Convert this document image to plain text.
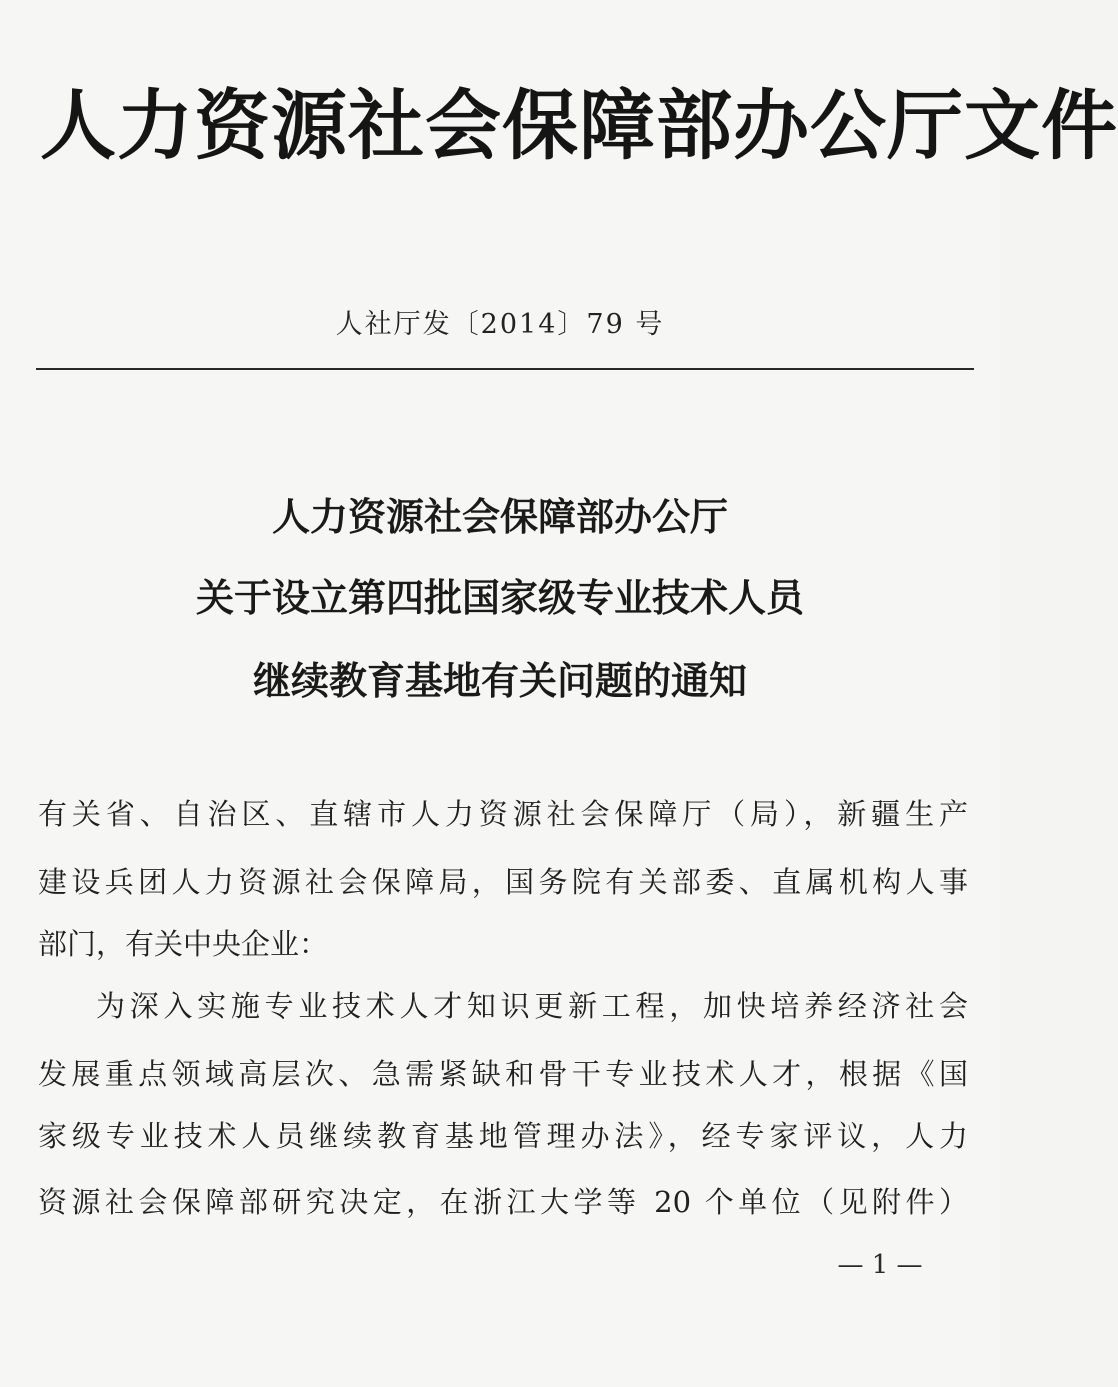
人力资源社会保障部办公厅文件
人社厅发〔2014〕79 号
人力资源社会保障部办公厅
关于设立第四批国家级专业技术人员
继续教育基地有关问题的通知
有关省、自治区、直辖市人力资源社会保障厅（局），新疆生产
建设兵团人力资源社会保障局，国务院有关部委、直属机构人事
部门，有关中央企业：
为深入实施专业技术人才知识更新工程，加快培养经济社会
发展重点领域高层次、急需紧缺和骨干专业技术人才，根据《国
家级专业技术人员继续教育基地管理办法》，经专家评议，人力
资源社会保障部研究决定，在浙江大学等 20 个单位（见附件）
— 1 —
